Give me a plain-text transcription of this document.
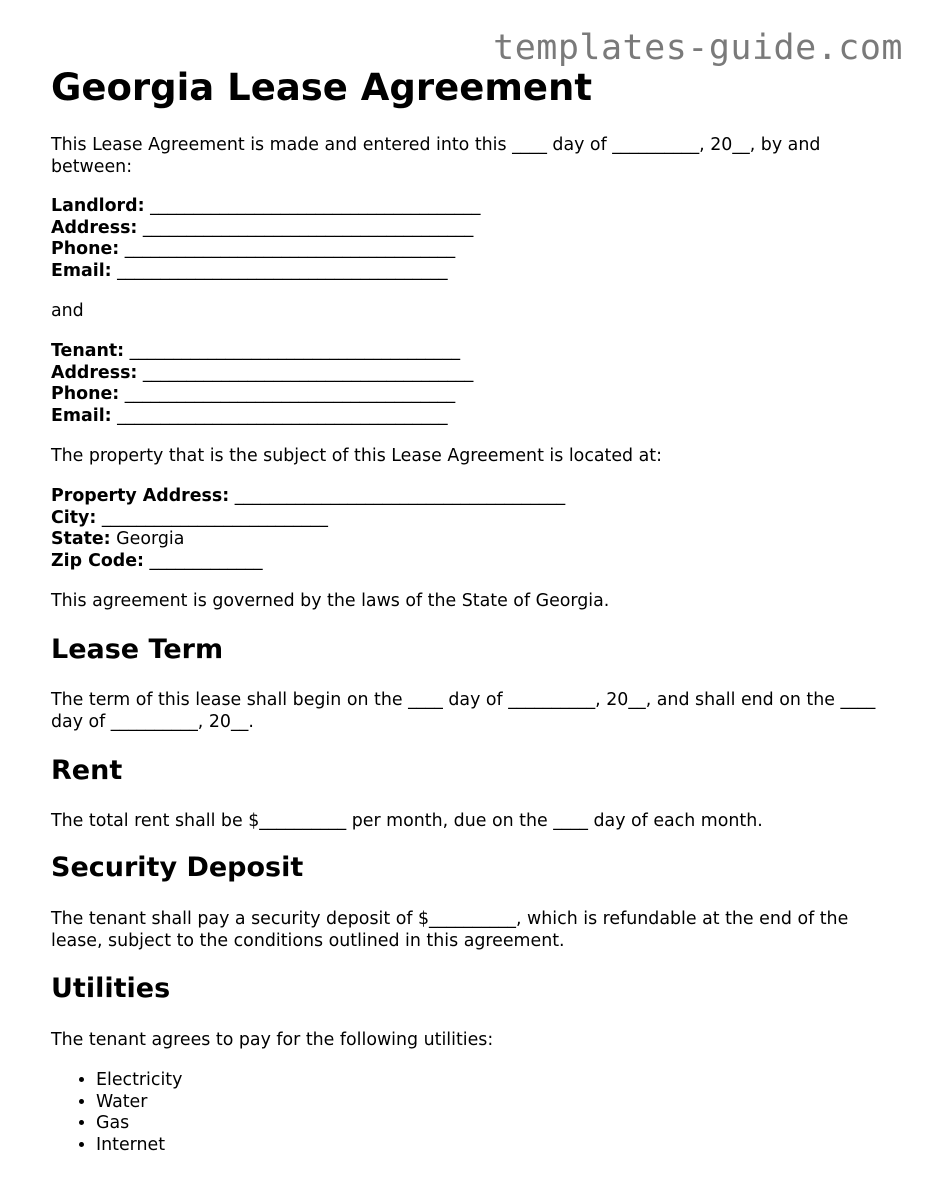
templates-guide.com
Georgia Lease Agreement

This Lease Agreement is made and entered into this ____ day of __________, 20__, by and between:

Landlord: ______________________________________
Address: ______________________________________
Phone: ______________________________________
Email: ______________________________________

and

Tenant: ______________________________________
Address: ______________________________________
Phone: ______________________________________
Email: ______________________________________

The property that is the subject of this Lease Agreement is located at:

Property Address: ______________________________________
City: __________________________
State: Georgia
Zip Code: _____________

This agreement is governed by the laws of the State of Georgia.

Lease Term

The term of this lease shall begin on the ____ day of __________, 20__, and shall end on the ____ day of __________, 20__.

Rent

The total rent shall be $__________ per month, due on the ____ day of each month.

Security Deposit

The tenant shall pay a security deposit of $__________, which is refundable at the end of the lease, subject to the conditions outlined in this agreement.

Utilities

The tenant agrees to pay for the following utilities:

• Electricity
• Water
• Gas
• Internet
